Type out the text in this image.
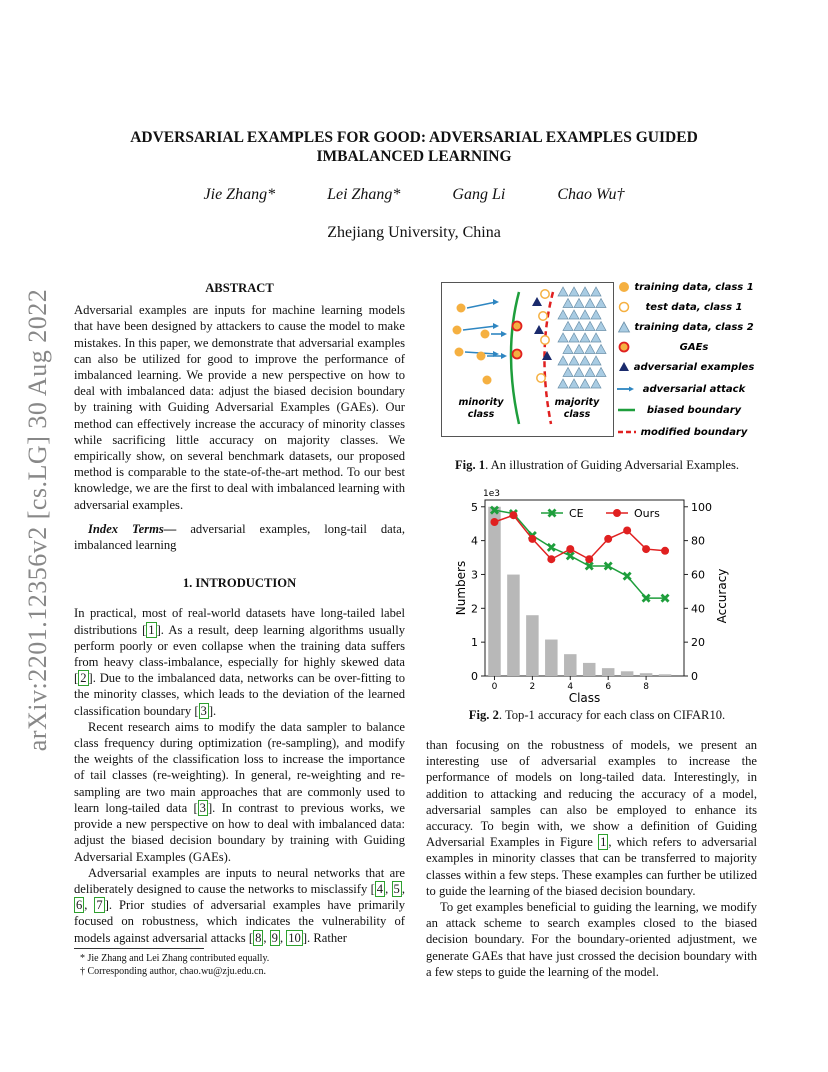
arXiv:2201.12356v2 [cs.LG] 30 Aug 2022
ADVERSARIAL EXAMPLES FOR GOOD: ADVERSARIAL EXAMPLES GUIDED
IMBALANCED LEARNING
Jie Zhang*	Lei Zhang*	Gang Li	Chao Wu†
Zhejiang University, China
ABSTRACT

Adversarial examples are inputs for machine learning models that have been designed by attackers to cause the model to make mistakes. In this paper, we demonstrate that adversarial examples can also be utilized for good to improve the performance of imbalanced learning. We provide a new perspective on how to deal with imbalanced data: adjust the biased decision boundary by training with Guiding Adversarial Examples (GAEs). Our method can effectively increase the accuracy of minority classes while sacrificing little accuracy on majority classes. We empirically show, on several benchmark datasets, our proposed method is comparable to the state-of-the-art method. To our best knowledge, we are the first to deal with imbalanced learning with adversarial examples.

Index Terms— adversarial examples, long-tail data, imbalanced learning

1. INTRODUCTION

In practical, most of real-world datasets have long-tailed label distributions [ 1 ]. As a result, deep learning algorithms usually perform poorly or even collapse when the training data suffers from heavy class-imbalance, especially for highly skewed data [ 2 ]. Due to the imbalanced data, networks can be over-fitting to the minority classes, which leads to the deviation of the learned classification boundary [ 3 ].

Recent research aims to modify the data sampler to balance class frequency during optimization (re-sampling), and modify the weights of the classification loss to increase the importance of tail classes (re-weighting). In general, re-weighting and re-sampling are two main approaches that are commonly used to learn long-tailed data [ 3 ]. In contrast to previous works, we provide a new perspective on how to deal with imbalanced data: adjust the biased decision boundary by training with Guiding Adversarial Examples (GAEs).

Adversarial examples are inputs to neural networks that are deliberately designed to cause the networks to misclassify [ 4 , 5 , 6 , 7 ]. Prior studies of adversarial examples have primarily focused on robustness, which indicates the vulnerability of models against adversarial attacks [ 8 , 9 , 10 ]. Rather

* Jie Zhang and Lei Zhang contributed equally.
† Corresponding author, chao.wu@zju.edu.cn.
minority
class
majority
class
training data, class 1
test data, class 1
training data, class 2
GAEs
adversarial examples
adversarial attack
biased boundary
modified boundary
Fig. 1. An illustration of Guiding Adversarial Examples.
0
1
2
3
4
5
0
20
40
60
80
100
0	2	4	6	8
1e3
Class
Numbers	Accuracy
CE	Ours
Fig. 2. Top-1 accuracy for each class on CIFAR10.

than focusing on the robustness of models, we present an interesting use of adversarial examples to increase the performance of models on long-tailed data. Interestingly, in addition to attacking and reducing the accuracy of a model, adversarial samples can also be employed to enhance its accuracy. To begin with, we show a definition of Guiding Adversarial Examples in Figure 1 , which refers to adversarial examples in minority classes that can be transferred to majority classes within a few steps. These examples can further be utilized to guide the learning of the biased decision boundary.

To get examples beneficial to guiding the learning, we modify an attack scheme to search examples closed to the biased decision boundary. For the boundary-oriented adjustment, we generate GAEs that have just crossed the decision boundary with a few steps to guide the learning of the model.
